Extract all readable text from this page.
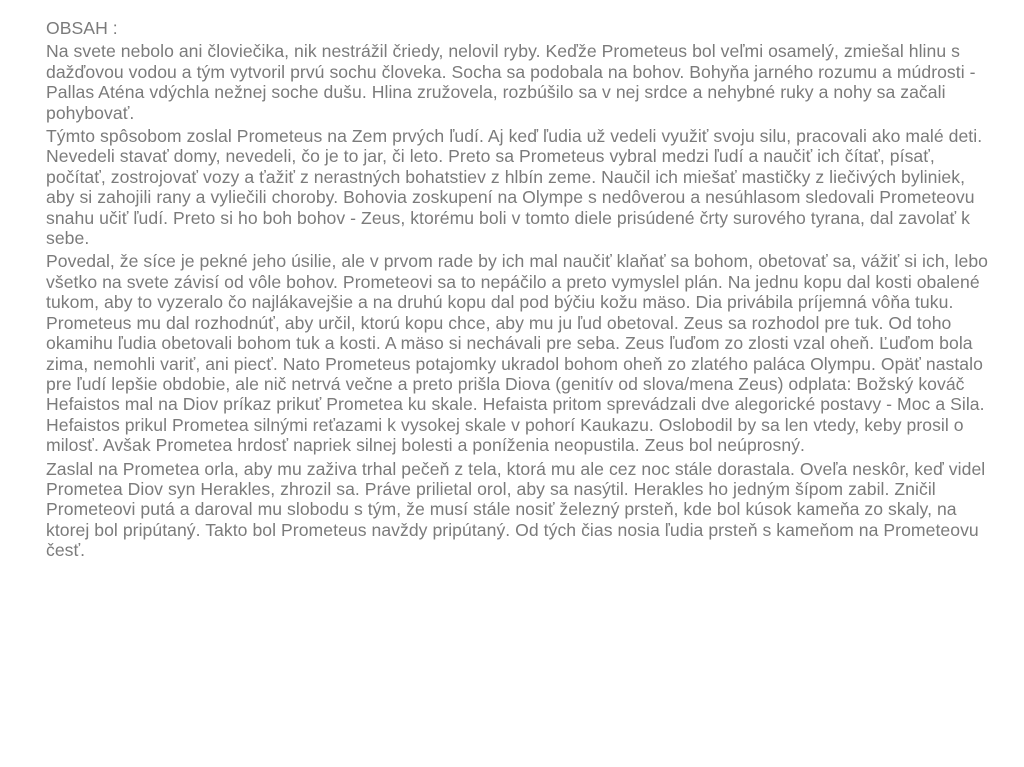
OBSAH :
Na svete nebolo ani človiečika, nik nestrážil čriedy, nelovil ryby. Keďže Prometeus bol veľmi osamelý, zmiešal hlinu s dažďovou vodou a tým vytvoril prvú sochu človeka. Socha sa podobala na bohov. Bohyňa jarného rozumu a múdrosti - Pallas Aténa vdýchla nežnej soche dušu. Hlina zružovela, rozbúšilo sa v nej srdce a nehybné ruky a nohy sa začali pohybovať.
Týmto spôsobom zoslal Prometeus na Zem prvých ľudí. Aj keď ľudia už vedeli využiť svoju silu, pracovali ako malé deti. Nevedeli stavať domy, nevedeli, čo je to jar, či leto. Preto sa Prometeus vybral medzi ľudí a naučiť ich čítať, písať, počítať, zostrojovať vozy a ťažiť z nerastných bohatstiev z hlbín zeme. Naučil ich miešať mastičky z liečivých byliniek, aby si zahojili rany a vyliečili choroby. Bohovia zoskupení na Olympe s nedôverou a nesúhlasom sledovali Prometeovu snahu učiť ľudí. Preto si ho boh bohov - Zeus, ktorému boli v tomto diele prisúdené črty surového tyrana, dal zavolať k sebe.
Povedal, že síce je pekné jeho úsilie, ale v prvom rade by ich mal naučiť klaňať sa bohom, obetovať sa, vážiť si ich, lebo všetko na svete závisí od vôle bohov. Prometeovi sa to nepáčilo a preto vymyslel plán. Na jednu kopu dal kosti obalené tukom, aby to vyzeralo čo najlákavejšie a na druhú kopu dal pod býčiu kožu mäso. Dia privábila príjemná vôňa tuku. Prometeus mu dal rozhodnúť, aby určil, ktorú kopu chce, aby mu ju ľud obetoval. Zeus sa rozhodol pre tuk. Od toho okamihu ľudia obetovali bohom tuk a kosti. A mäso si nechávali pre seba. Zeus ľuďom zo zlosti vzal oheň. Ľuďom bola zima, nemohli variť, ani piecť. Nato Prometeus potajomky ukradol bohom oheň zo zlatého paláca Olympu. Opäť nastalo pre ľudí lepšie obdobie, ale nič netrvá večne a preto prišla Diova (genitív od slova/mena Zeus) odplata: Božský kováč Hefaistos mal na Diov príkaz prikuť Prometea ku skale. Hefaista pritom sprevádzali dve alegorické postavy - Moc a Sila. Hefaistos prikul Prometea silnými reťazami k vysokej skale v pohorí Kaukazu. Oslobodil by sa len vtedy, keby prosil o milosť. Avšak Prometea hrdosť napriek silnej bolesti a poníženia neopustila. Zeus bol neúprosný.
Zaslal na Prometea orla, aby mu zaživa trhal pečeň z tela, ktorá mu ale cez noc stále dorastala. Oveľa neskôr, keď videl Prometea Diov syn Herakles, zhrozil sa. Práve prilietal orol, aby sa nasýtil. Herakles ho jedným šípom zabil. Zničil Prometeovi putá a daroval mu slobodu s tým, že musí stále nosiť železný prsteň, kde bol kúsok kameňa zo skaly, na ktorej bol pripútaný. Takto bol Prometeus navždy pripútaný. Od tých čias nosia ľudia prsteň s kameňom na Prometeovu česť.
